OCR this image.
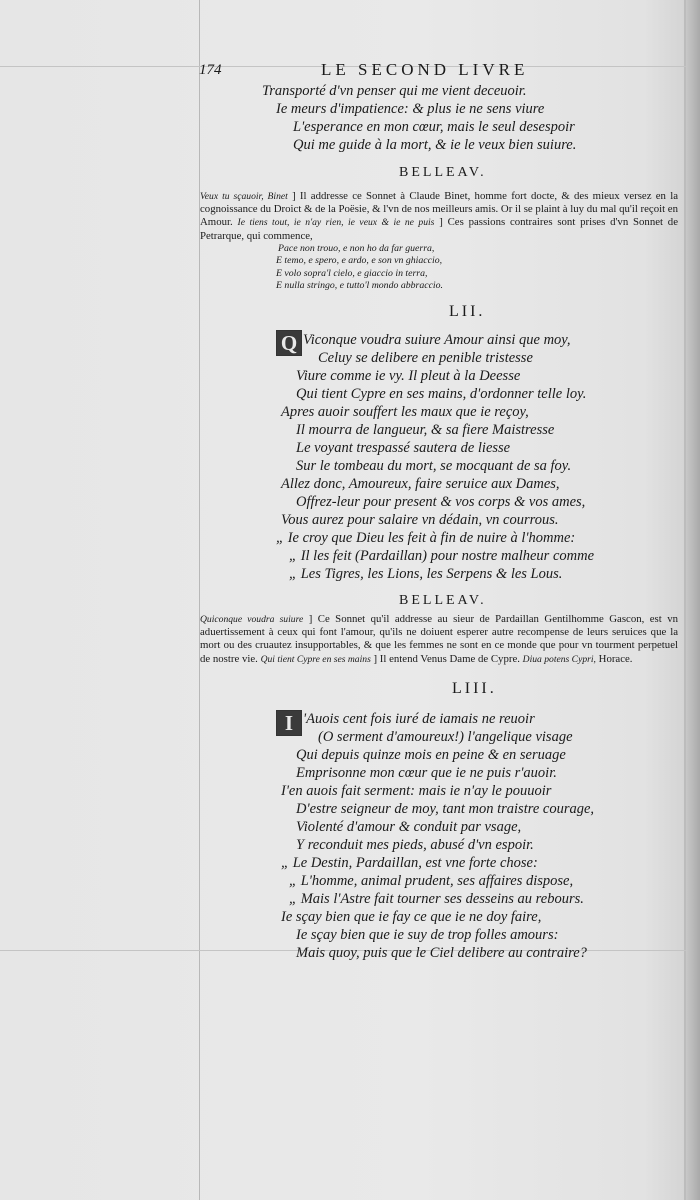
174	LE SECOND LIVRE
Transporté d'vn penser qui me vient deceuoir.
Ie meurs d'impatience: & plus ie ne sens viure
L'esperance en mon cœur, mais le seul desespoir
Qui me guide à la mort, & ie le veux bien suiure.
BELLEAV.
Veux tu sçauoir, Binet ] Il addresse ce Sonnet à Claude Binet, homme fort docte, & des mieux versez en la cognoissance du Droict & de la Poësie, & l'vn de nos meilleurs amis. Or il se plaint à luy du mal qu'il reçoit en Amour. Ie tiens tout, ie n'ay rien, ie veux & ie ne puis ] Ces passions contraires sont prises d'vn Sonnet de Petrarque, qui commence,
Pace non trouo, e non ho da far guerra,
E temo, e spero, e ardo, e son vn ghiaccio,
E volo sopra'l cielo, e giaccio in terra,
E nulla stringo, e tutto'l mondo abbraccio.
LII.
Q Viconque voudra suiure Amour ainsi que moy,
Celuy se delibere en penible tristesse
Viure comme ie vy. Il pleut à la Deesse
Qui tient Cypre en ses mains, d'ordonner telle loy.
Apres auoir souffert les maux que ie reçoy,
Il mourra de langueur, & sa fiere Maistresse
Le voyant trespassé sautera de liesse
Sur le tombeau du mort, se mocquant de sa foy.
Allez donc, Amoureux, faire seruice aux Dames,
Offrez-leur pour present & vos corps & vos ames,
Vous aurez pour salaire vn dédain, vn courrous.
„ Ie croy que Dieu les feit à fin de nuire à l'homme:
„ Il les feit (Pardaillan) pour nostre malheur comme
„ Les Tigres, les Lions, les Serpens & les Lous.
BELLEAV.
Quiconque voudra suiure ] Ce Sonnet qu'il addresse au sieur de Pardaillan Gentilhomme Gascon, est vn aduertissement à ceux qui font l'amour, qu'ils ne doiuent esperer autre recompense de leurs seruices que la mort ou des cruautez insupportables, & que les femmes ne sont en ce monde que pour vn tourment perpetuel de nostre vie. Qui tient Cypre en ses mains ] Il entend Venus Dame de Cypre. Diua potens Cypri, Horace.
LIII.
I 'Auois cent fois iuré de iamais ne reuoir
(O serment d'amoureux!) l'angelique visage
Qui depuis quinze mois en peine & en seruage
Emprisonne mon cœur que ie ne puis r'auoir.
I'en auois fait serment: mais ie n'ay le pouuoir
D'estre seigneur de moy, tant mon traistre courage,
Violenté d'amour & conduit par vsage,
Y reconduit mes pieds, abusé d'vn espoir.
„ Le Destin, Pardaillan, est vne forte chose:
„ L'homme, animal prudent, ses affaires dispose,
„ Mais l'Astre fait tourner ses desseins au rebours.
Ie sçay bien que ie fay ce que ie ne doy faire,
Ie sçay bien que ie suy de trop folles amours:
Mais quoy, puis que le Ciel delibere au contraire?
